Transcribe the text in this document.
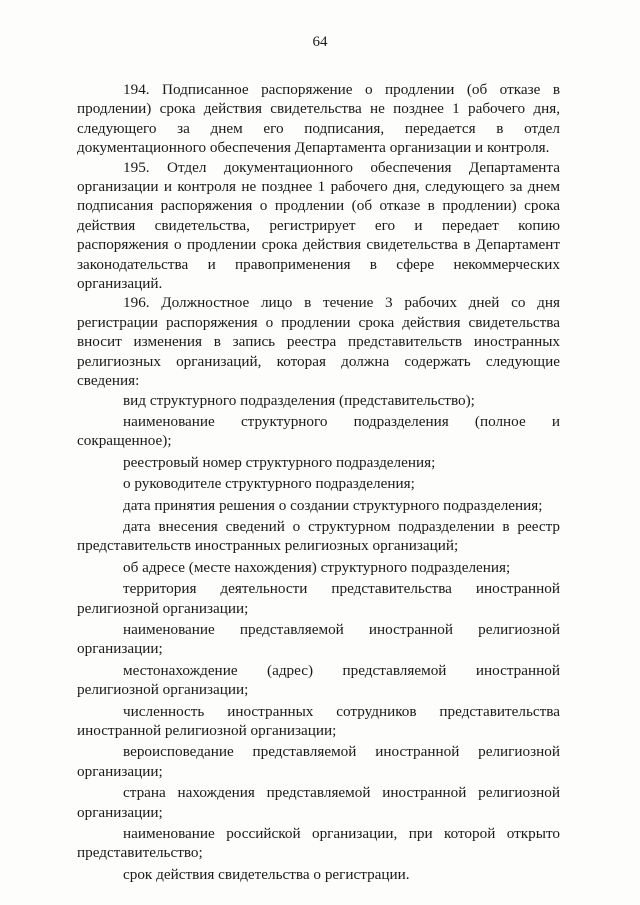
64

194. Подписанное распоряжение о продлении (об отказе в продлении) срока действия свидетельства не позднее 1 рабочего дня, следующего за днем его подписания, передается в отдел документационного обеспечения Департамента организации и контроля.

195. Отдел документационного обеспечения Департамента организации и контроля не позднее 1 рабочего дня, следующего за днем подписания распоряжения о продлении (об отказе в продлении) срока действия свидетельства, регистрирует его и передает копию распоряжения о продлении срока действия свидетельства в Департамент законодательства и правоприменения в сфере некоммерческих организаций.

196. Должностное лицо в течение 3 рабочих дней со дня регистрации распоряжения о продлении срока действия свидетельства вносит изменения в запись реестра представительств иностранных религиозных организаций, которая должна содержать следующие сведения:

вид структурного подразделения (представительство);

наименование структурного подразделения (полное и сокращенное);

реестровый номер структурного подразделения;

о руководителе структурного подразделения;

дата принятия решения о создании структурного подразделения;

дата внесения сведений о структурном подразделении в реестр представительств иностранных религиозных организаций;

об адресе (месте нахождения) структурного подразделения;

территория деятельности представительства иностранной религиозной организации;

наименование представляемой иностранной религиозной организации;

местонахождение (адрес) представляемой иностранной религиозной организации;

численность иностранных сотрудников представительства иностранной религиозной организации;

вероисповедание представляемой иностранной религиозной организации;

страна нахождения представляемой иностранной религиозной организации;

наименование российской организации, при которой открыто представительство;

срок действия свидетельства о регистрации.
